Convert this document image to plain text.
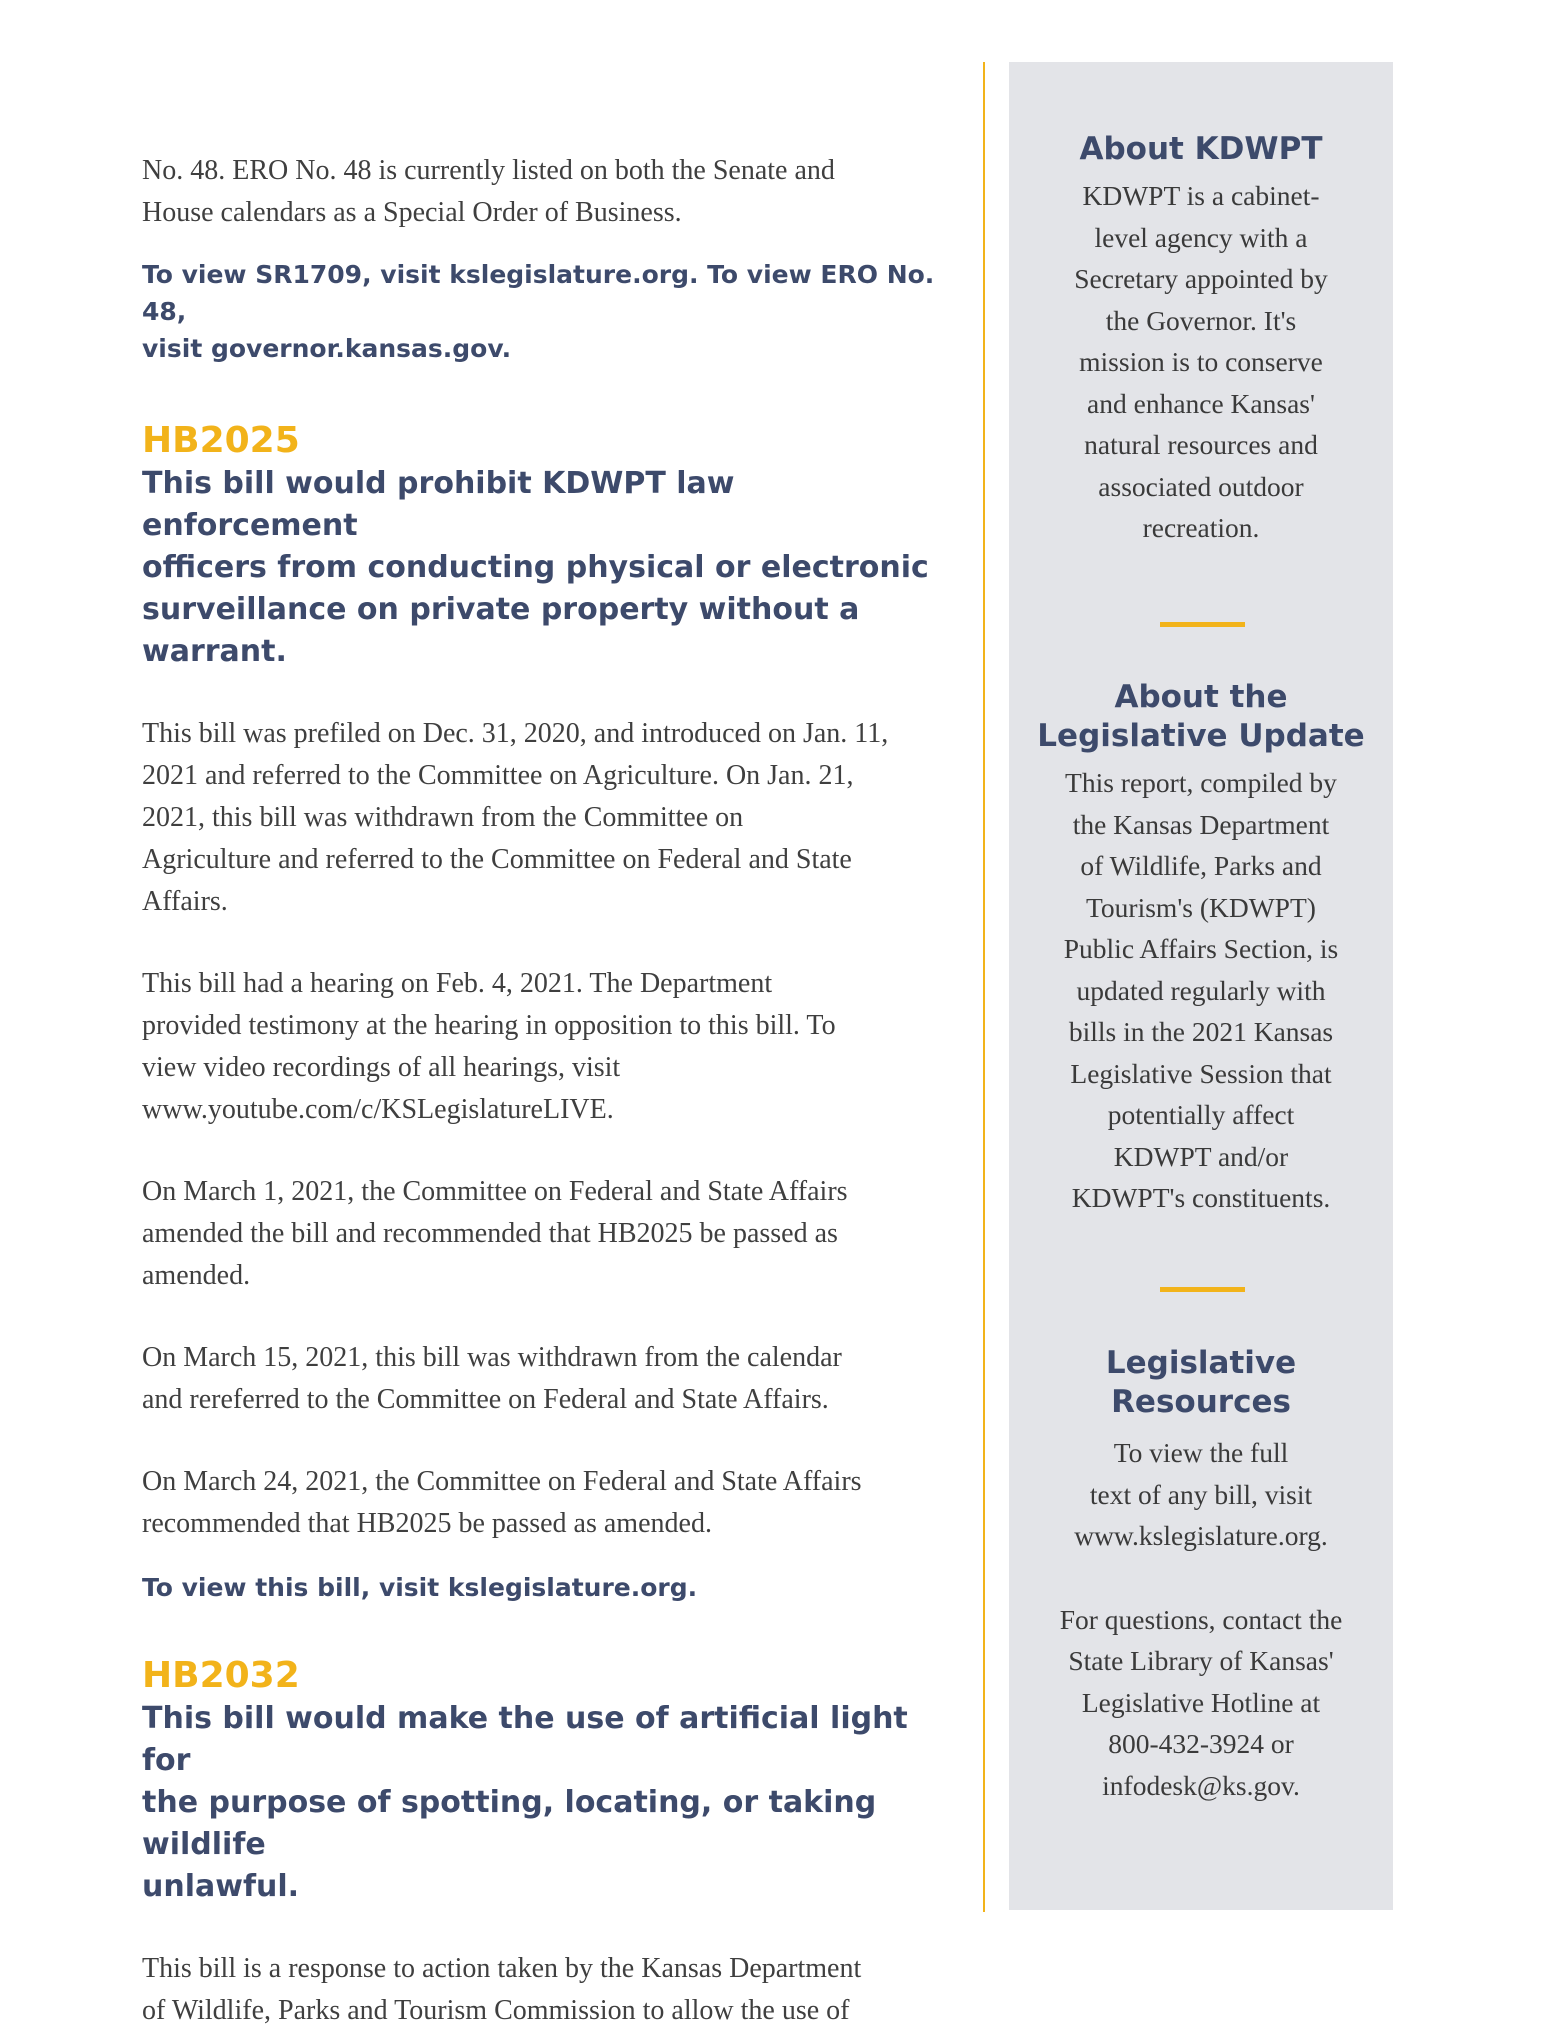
No. 48. ERO No. 48 is currently listed on both the Senate and
House calendars as a Special Order of Business.

To view SR1709, visit kslegislature.org. To view ERO No. 48,
visit governor.kansas.gov.

HB2025

This bill would prohibit KDWPT law enforcement
officers from conducting physical or electronic
surveillance on private property without a
warrant.

This bill was prefiled on Dec. 31, 2020, and introduced on Jan. 11,
2021 and referred to the Committee on Agriculture. On Jan. 21,
2021, this bill was withdrawn from the Committee on
Agriculture and referred to the Committee on Federal and State
Affairs.

This bill had a hearing on Feb. 4, 2021. The Department
provided testimony at the hearing in opposition to this bill. To
view video recordings of all hearings, visit
www.youtube.com/c/KSLegislatureLIVE.

On March 1, 2021, the Committee on Federal and State Affairs
amended the bill and recommended that HB2025 be passed as
amended.

On March 15, 2021, this bill was withdrawn from the calendar
and rereferred to the Committee on Federal and State Affairs.

On March 24, 2021, the Committee on Federal and State Affairs
recommended that HB2025 be passed as amended.

To view this bill, visit kslegislature.org.

HB2032

This bill would make the use of artificial light for
the purpose of spotting, locating, or taking wildlife
unlawful.

This bill is a response to action taken by the Kansas Department
of Wildlife, Parks and Tourism Commission to allow the use of

About KDWPT

KDWPT is a cabinet-
level agency with a
Secretary appointed by
the Governor. It's
mission is to conserve
and enhance Kansas'
natural resources and
associated outdoor
recreation.

About the
Legislative Update

This report, compiled by
the Kansas Department
of Wildlife, Parks and
Tourism's (KDWPT)
Public Affairs Section, is
updated regularly with
bills in the 2021 Kansas
Legislative Session that
potentially affect
KDWPT and/or
KDWPT's constituents.

Legislative
Resources

To view the full
text of any bill, visit
www.kslegislature.org.

For questions, contact the
State Library of Kansas'
Legislative Hotline at
800-432-3924 or
infodesk@ks.gov.
